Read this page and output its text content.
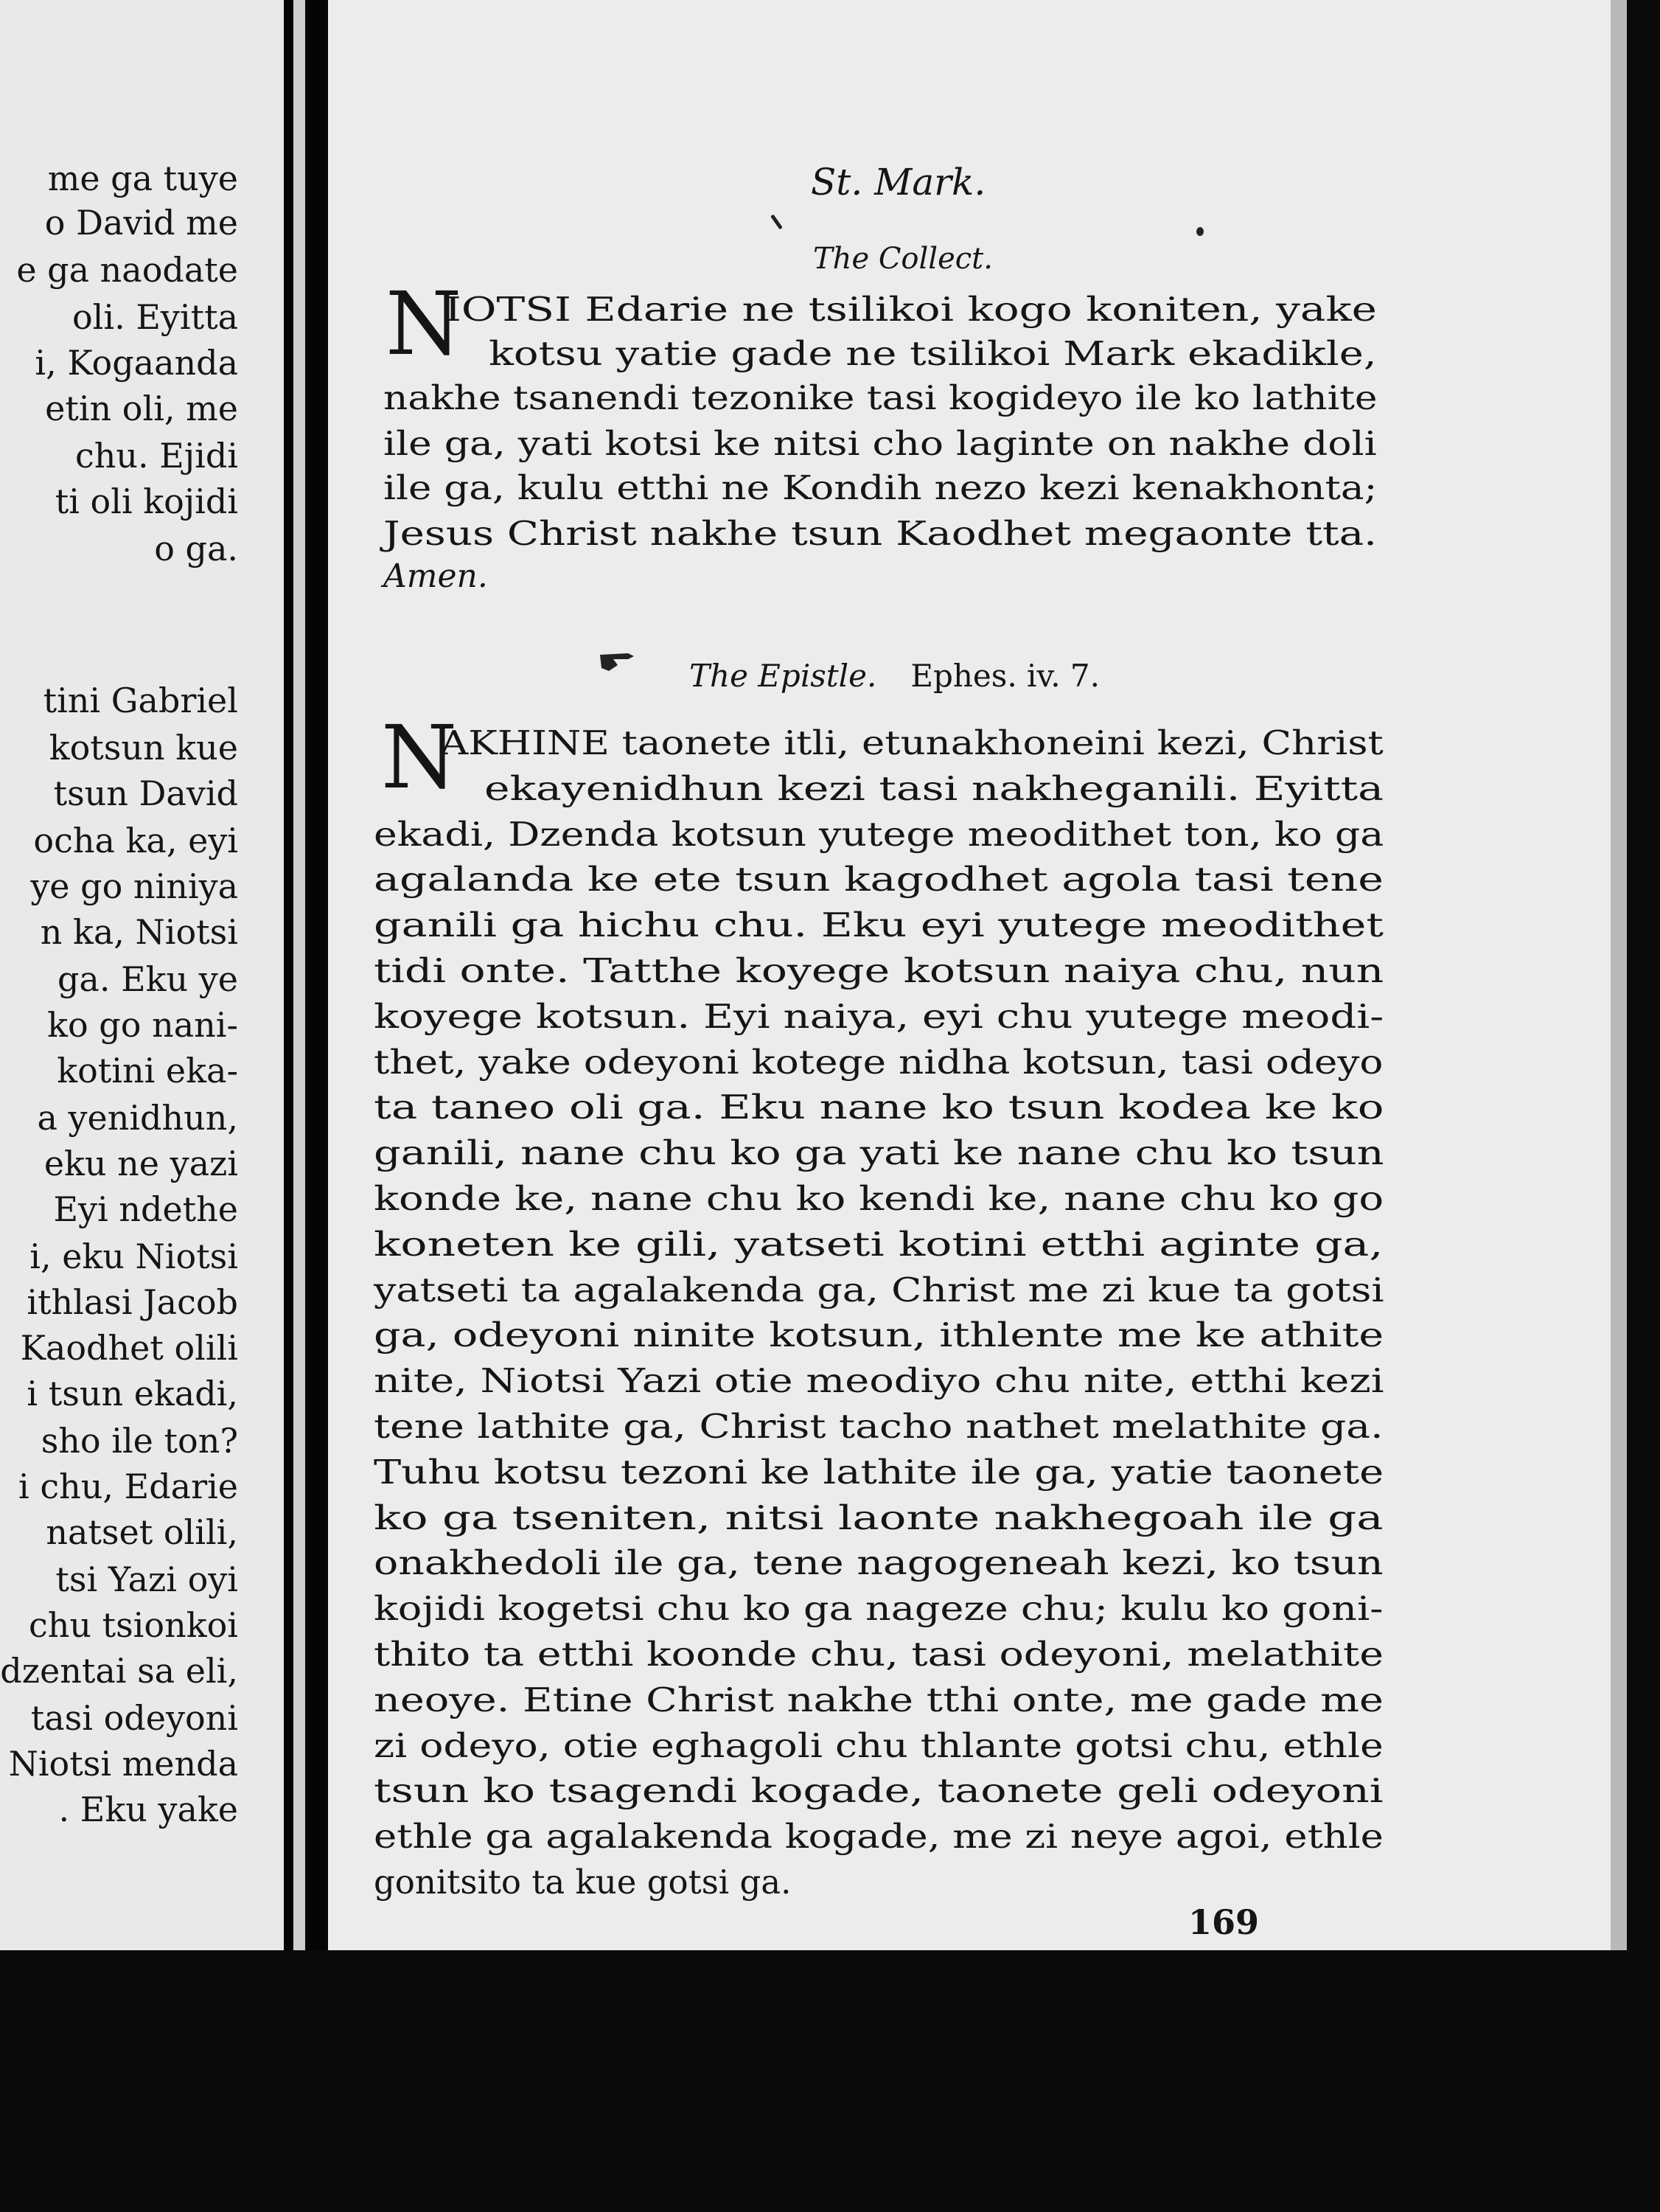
me ga tuye
o David me
e ga naodate
oli. Eyitta
i, Kogaanda
etin oli, me
chu. Ejidi
ti oli kojidi
o ga.
tini Gabriel
kotsun kue
tsun David
ocha ka, eyi
ye go niniya
n ka, Niotsi
ga. Eku ye
ko go nani-
kotini eka-
a yenidhun,
eku ne yazi
Eyi ndethe
i, eku Niotsi
ithlasi Jacob
Kaodhet olili
i tsun ekadi,
sho ile ton?
i chu, Edarie
natset olili,
tsi Yazi oyi
chu tsionkoi
dzentai sa eli,
tasi odeyoni
Niotsi menda
. Eku yake
St. Mark.
The Collect.
N
IOTSI Edarie ne tsilikoi kogo koniten, yake
kotsu yatie gade ne tsilikoi Mark ekadikle,
nakhe tsanendi tezonike tasi kogideyo ile ko lathite
ile ga, yati kotsi ke nitsi cho laginte on nakhe doli
ile ga, kulu etthi ne Kondih nezo kezi kenakhonta;
Jesus Christ nakhe tsun Kaodhet megaonte tta.
Amen.
The Epistle. Ephes. iv. 7.
N
AKHINE taonete itli, etunakhoneini kezi, Christ
ekayenidhun kezi tasi nakheganili. Eyitta
ekadi, Dzenda kotsun yutege meodithet ton, ko ga
agalanda ke ete tsun kagodhet agola tasi tene
ganili ga hichu chu. Eku eyi yutege meodithet
tidi onte. Tatthe koyege kotsun naiya chu, nun
koyege kotsun. Eyi naiya, eyi chu yutege meodi-
thet, yake odeyoni kotege nidha kotsun, tasi odeyo
ta taneo oli ga. Eku nane ko tsun kodea ke ko
ganili, nane chu ko ga yati ke nane chu ko tsun
konde ke, nane chu ko kendi ke, nane chu ko go
koneten ke gili, yatseti kotini etthi aginte ga,
yatseti ta agalakenda ga, Christ me zi kue ta gotsi
ga, odeyoni ninite kotsun, ithlente me ke athite
nite, Niotsi Yazi otie meodiyo chu nite, etthi kezi
tene lathite ga, Christ tacho nathet melathite ga.
Tuhu kotsu tezoni ke lathite ile ga, yatie taonete
ko ga tseniten, nitsi laonte nakhegoah ile ga
onakhedoli ile ga, tene nagogeneah kezi, ko tsun
kojidi kogetsi chu ko ga nageze chu; kulu ko goni-
thito ta etthi koonde chu, tasi odeyoni, melathite
neoye. Etine Christ nakhe tthi onte, me gade me
zi odeyo, otie eghagoli chu thlante gotsi chu, ethle
tsun ko tsagendi kogade, taonete geli odeyoni
ethle ga agalakenda kogade, me zi neye agoi, ethle
gonitsito ta kue gotsi ga.
169
